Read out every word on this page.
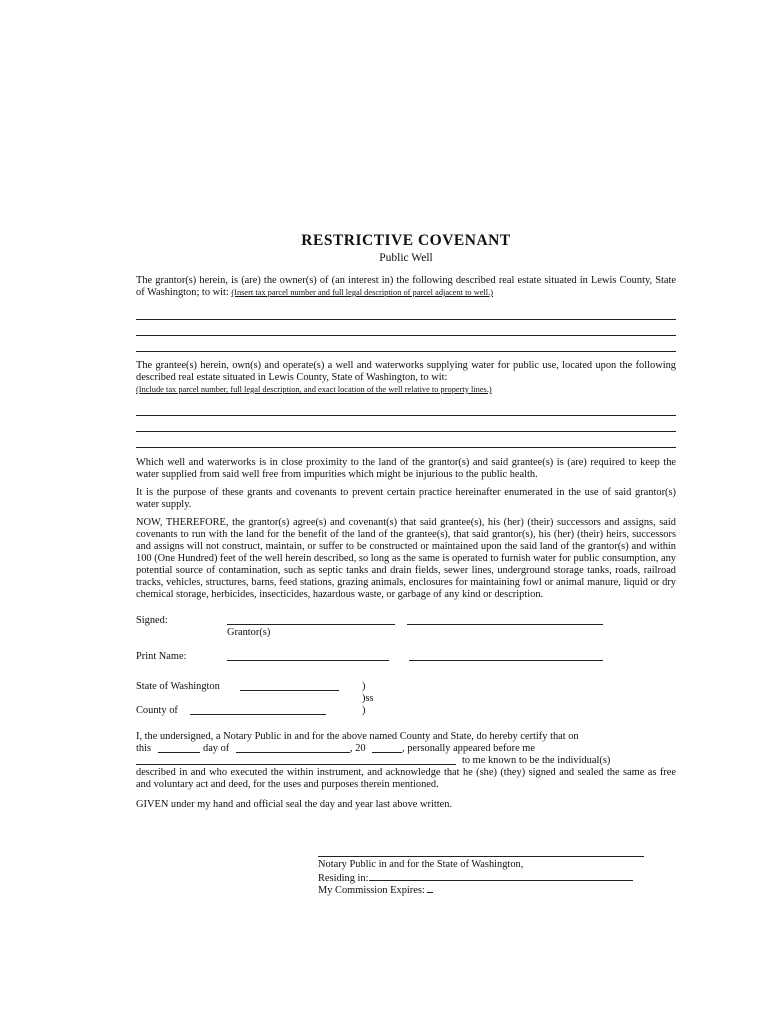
RESTRICTIVE COVENANT
Public Well

The grantor(s) herein, is (are) the owner(s) of (an interest in) the following described real estate situated in Lewis County, State of Washington; to wit: (Insert tax parcel number and full legal description of parcel adjacent to well.)

The grantee(s) herein, own(s) and operate(s) a well and waterworks supplying water for public use, located upon the following described real estate situated in Lewis County, State of Washington, to wit:
(Include tax parcel number, full legal description, and exact location of the well relative to property lines.)

Which well and waterworks is in close proximity to the land of the grantor(s) and said grantee(s) is (are) required to keep the water supplied from said well free from impurities which might be injurious to the public health.

It is the purpose of these grants and covenants to prevent certain practice hereinafter enumerated in the use of said grantor(s) water supply.

NOW, THEREFORE, the grantor(s) agree(s) and covenant(s) that said grantee(s), his (her) (their) successors and assigns, said covenants to run with the land for the benefit of the land of the grantee(s), that said grantor(s), his (her) (their) heirs, successors and assigns will not construct, maintain, or suffer to be constructed or maintained upon the said land of the grantor(s) and within 100 (One Hundred) feet of the well herein described, so long as the same is operated to furnish water for public consumption, any potential source of contamination, such as septic tanks and drain fields, sewer lines, underground storage tanks, roads, railroad tracks, vehicles, structures, barns, feed stations, grazing animals, enclosures for maintaining fowl or animal manure, liquid or dry chemical storage, herbicides, insecticides, hazardous waste, or garbage of any kind or description.

Signed:
Grantor(s)
Print Name:
State of Washington	)
)ss
County of	)
I, the undersigned, a Notary Public in and for the above named County and State, do hereby certify that on
this	day of	, 20	, personally appeared before me
to me known to be the individual(s)

described in and who executed the within instrument, and acknowledge that he (she) (they) signed and sealed the same as free and voluntary act and deed, for the uses and purposes therein mentioned.

GIVEN under my hand and official seal the day and year last above written.

Notary Public in and for the State of Washington,
Residing in:
My Commission Expires:
